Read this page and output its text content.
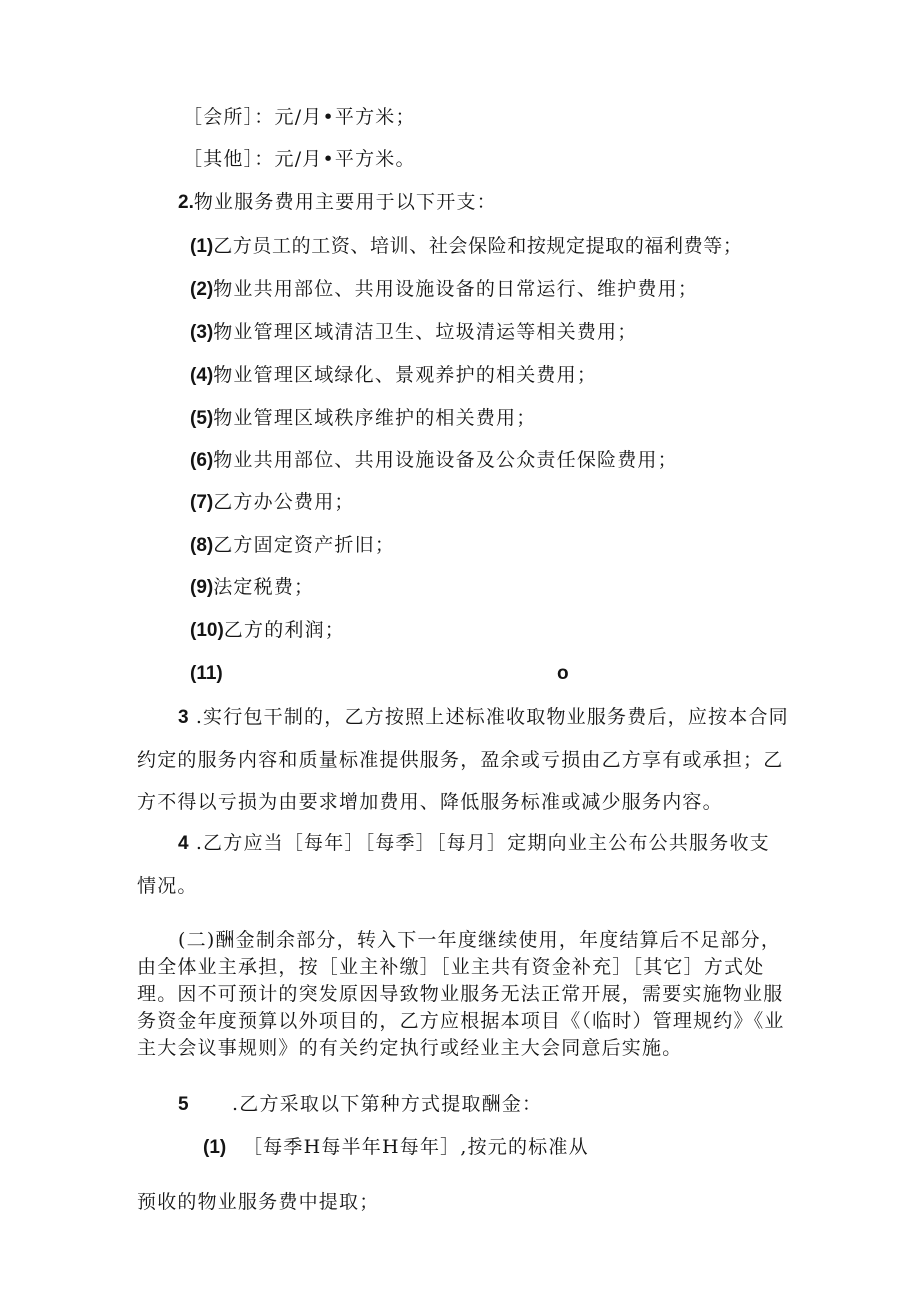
［会所］：元/月•平方米；
［其他］：元/月•平方米。
2.物业服务费用主要用于以下开支：
(1)乙方员工的工资、培训、社会保险和按规定提取的福利费等；
(2)物业共用部位、共用设施设备的日常运行、维护费用；
(3)物业管理区域清洁卫生、垃圾清运等相关费用；
(4)物业管理区域绿化、景观养护的相关费用；
(5)物业管理区域秩序维护的相关费用；
(6)物业共用部位、共用设施设备及公众责任保险费用；
(7)乙方办公费用；
(8)乙方固定资产折旧；
(9)法定税费；
(10)乙方的利润；
(11)	o
3 .实行包干制的，乙方按照上述标准收取物业服务费后，应按本合同
约定的服务内容和质量标准提供服务，盈余或亏损由乙方享有或承担；乙
方不得以亏损为由要求增加费用、降低服务标准或减少服务内容。
4 .乙方应当［每年］［每季］［每月］定期向业主公布公共服务收支
情况。
(二)酬金制余部分，转入下一年度继续使用，年度结算后不足部分，
由全体业主承担，按［业主补缴］［业主共有资金补充］［其它］方式处
理。因不可预计的突发原因导致物业服务无法正常开展，需要实施物业服
务资金年度预算以外项目的，乙方应根据本项目《（临时）管理规约》《业
主大会议事规则》的有关约定执行或经业主大会同意后实施。
5 .乙方采取以下第种方式提取酬金：
(1) ［每季H每半年H每年］,按元的标准从
预收的物业服务费中提取；
